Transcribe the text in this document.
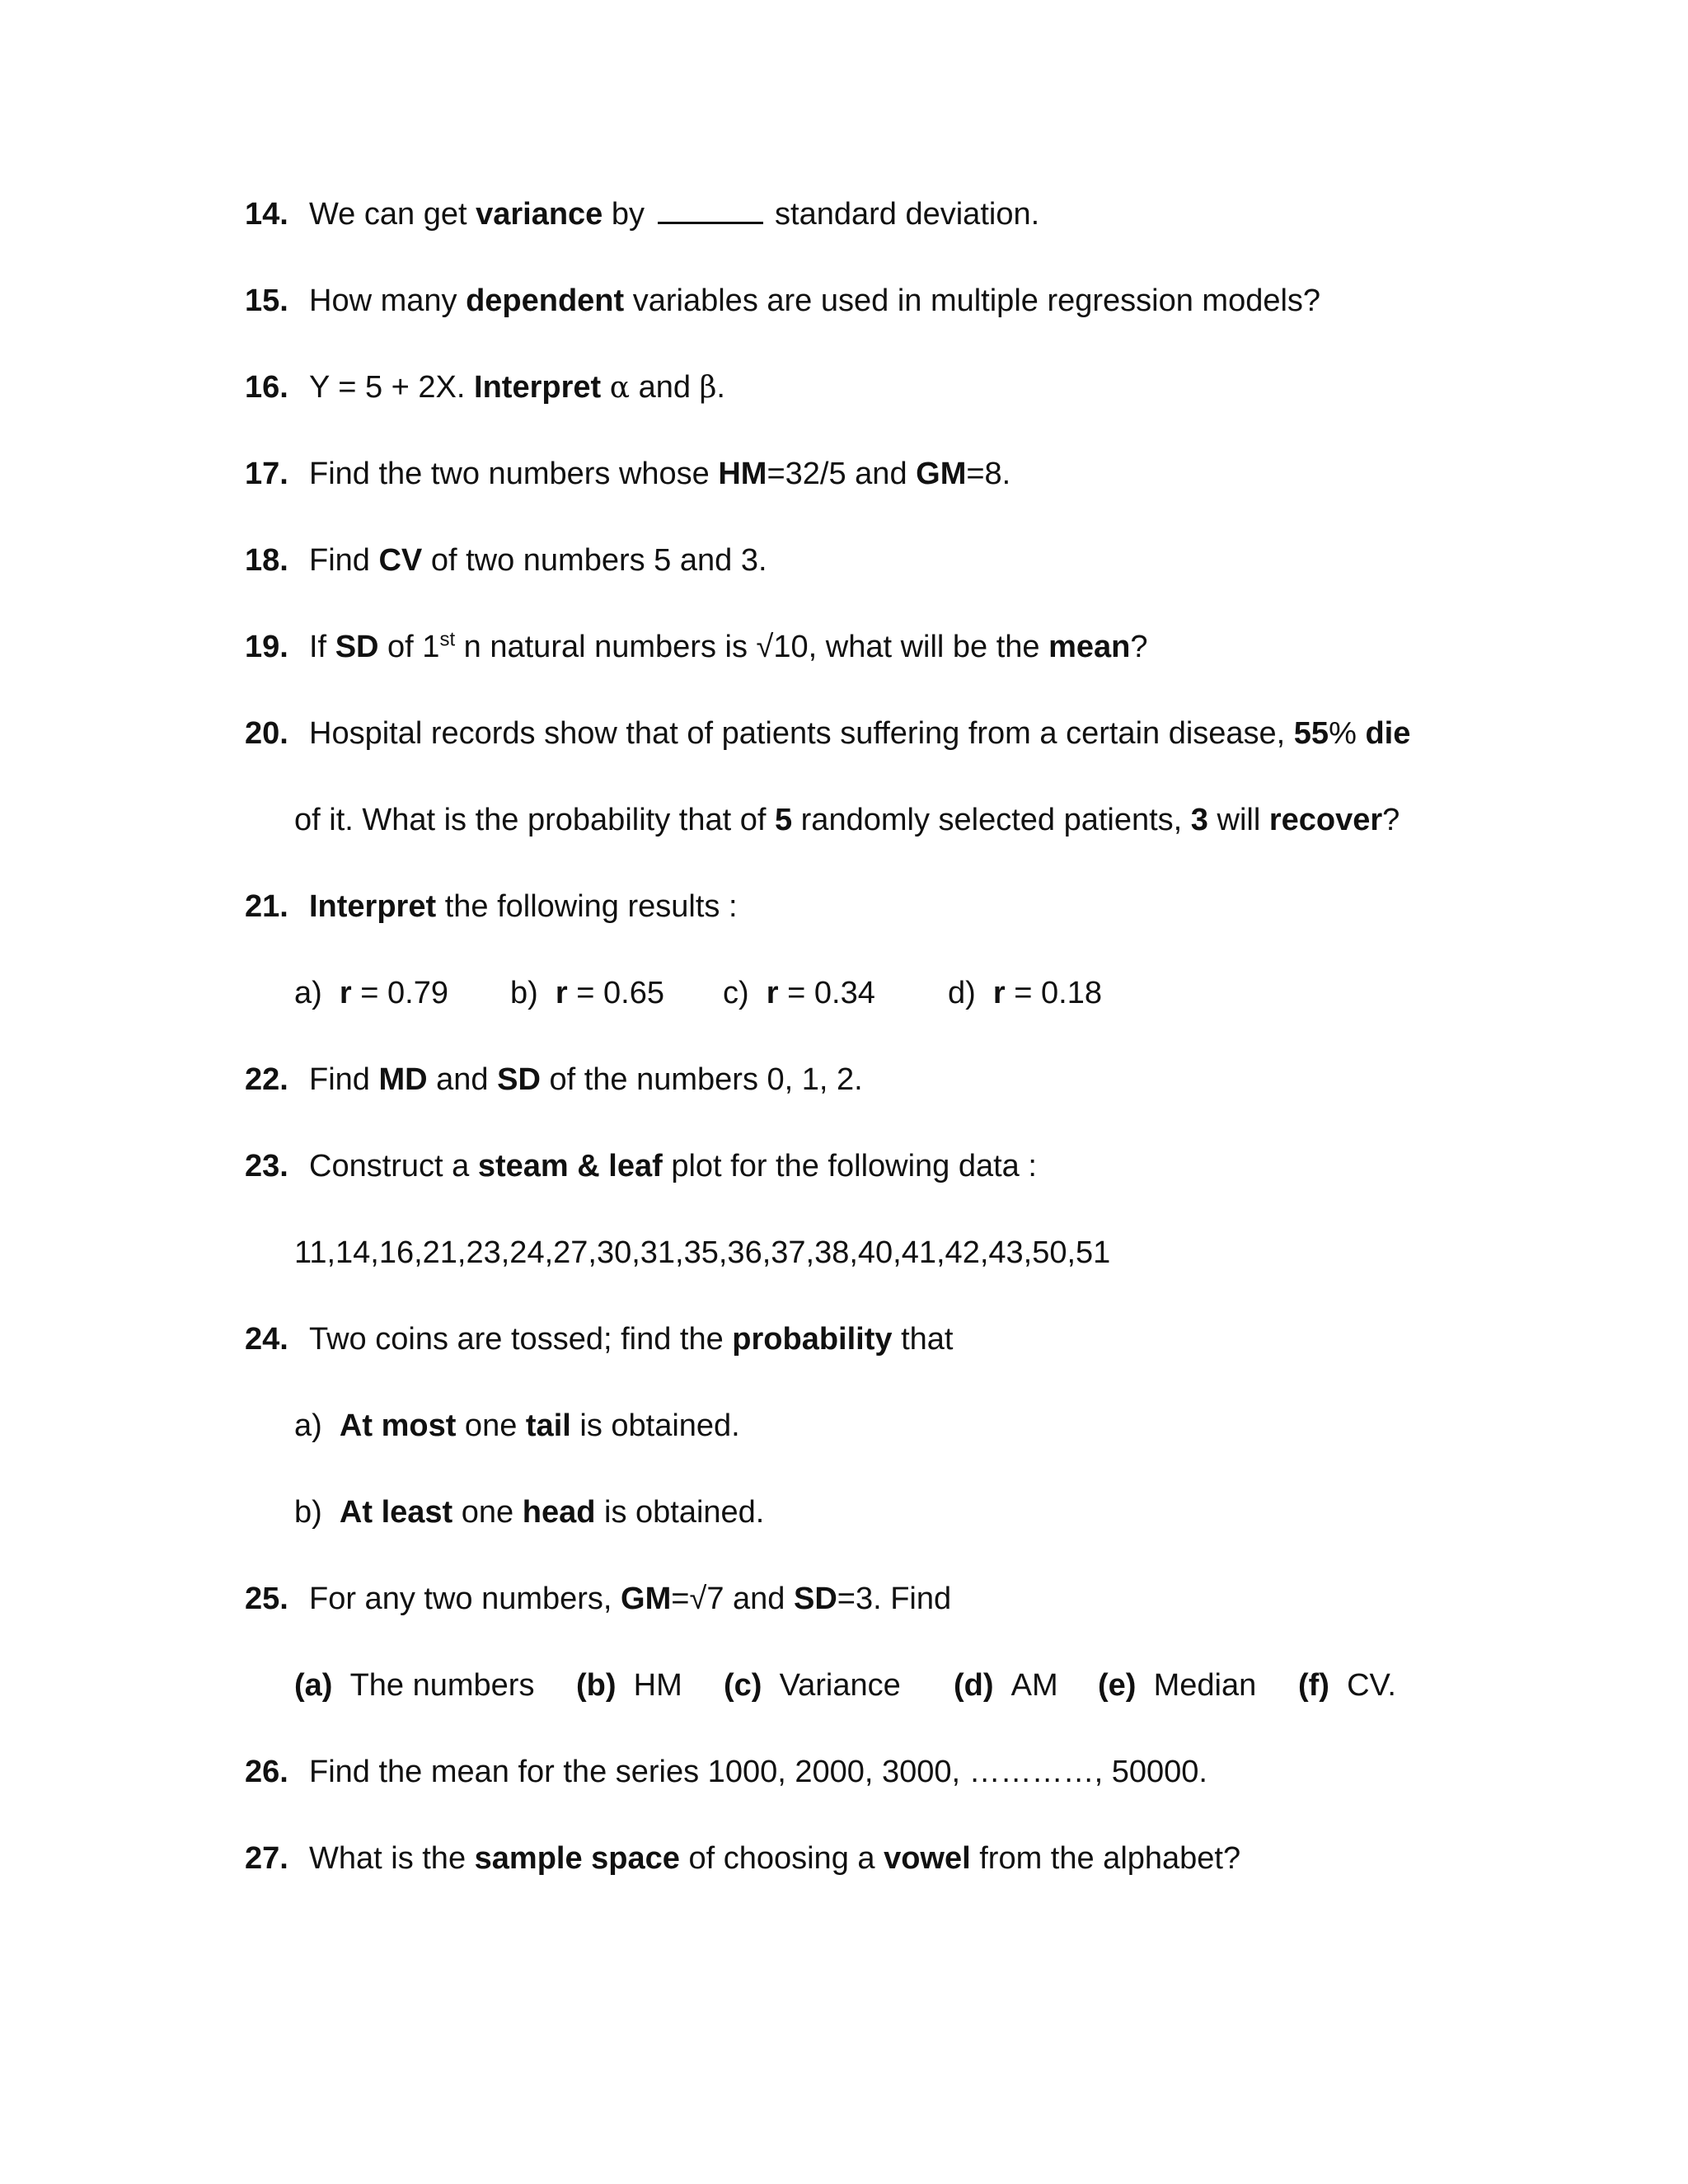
14. We can get variance by	standard deviation.
15. How many dependent variables are used in multiple regression models?
16. Y = 5 + 2X. Interpret α and β.
17. Find the two numbers whose HM=32/5 and GM=8.
18. Find CV of two numbers 5 and 3.
19. If SD of 1st n natural numbers is √10, what will be the mean?
20. Hospital records show that of patients suffering from a certain disease, 55% die
of it. What is the probability that of 5 randomly selected patients, 3 will recover?
21. Interpret the following results :
a) r = 0.79 b) r = 0.65 c) r = 0.34 d) r = 0.18
22. Find MD and SD of the numbers 0, 1, 2.
23. Construct a steam & leaf plot for the following data :
11,14,16,21,23,24,27,30,31,35,36,37,38,40,41,42,43,50,51
24. Two coins are tossed; find the probability that
a) At most one tail is obtained.
b) At least one head is obtained.
25. For any two numbers, GM=√7 and SD=3. Find
(a) The numbers (b) HM (c) Variance (d) AM (e) Median (f) CV.
26. Find the mean for the series 1000, 2000, 3000, …………, 50000.
27. What is the sample space of choosing a vowel from the alphabet?
